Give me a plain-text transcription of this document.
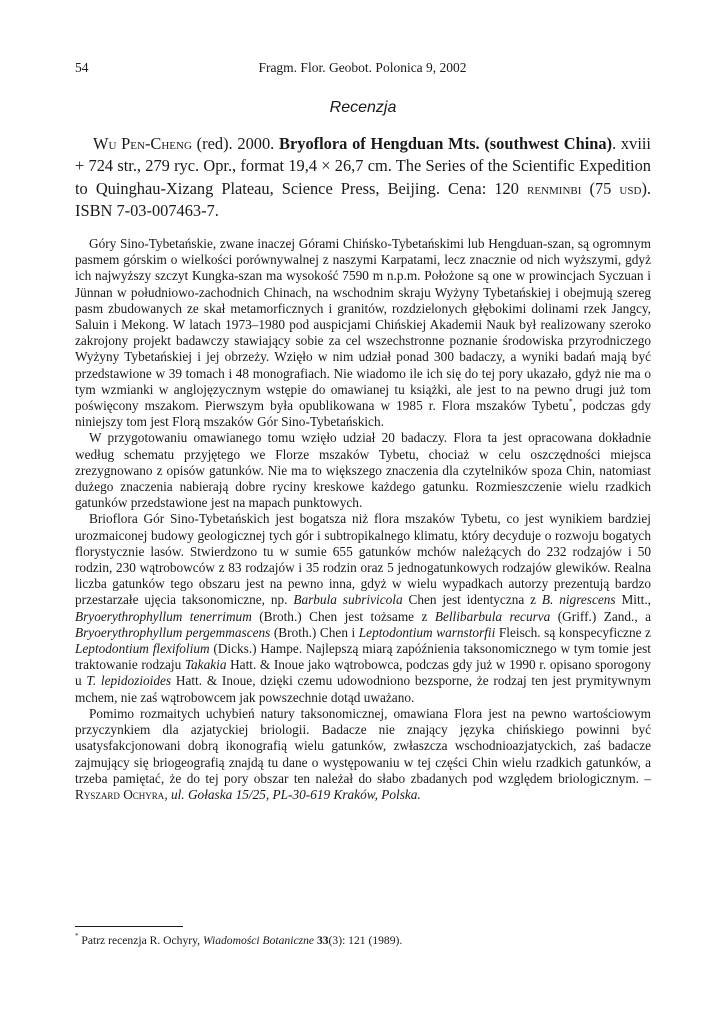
54	Fragm. Flor. Geobot. Polonica 9, 2002
Recenzja
Wu Pen-Cheng (red). 2000. Bryoflora of Hengduan Mts. (southwest China). xviii + 724 str., 279 ryc. Opr., format 19,4 × 26,7 cm. The Series of the Scientific Expedition to Quinghau-Xizang Plateau, Science Press, Beijing. Cena: 120 renminbi (75 usd). ISBN 7-03-007463-7.

Góry Sino-Tybetańskie, zwane inaczej Górami Chińsko-Tybetańskimi lub Hengduan-szan, są ogromnym pasmem górskim o wielkości porównywalnej z naszymi Karpatami, lecz znacznie od nich wyższymi, gdyż ich najwyższy szczyt Kungka-szan ma wysokość 7590 m n.p.m. Położone są one w prowincjach Syczuan i Jünnan w południowo-zachodnich Chinach, na wschodnim skraju Wyżyny Tybetańskiej i obejmują szereg pasm zbudowanych ze skał metamorficznych i granitów, rozdzielonych głębokimi dolinami rzek Jangcy, Saluin i Mekong. W latach 1973–1980 pod auspicjami Chińskiej Akademii Nauk był realizowany szeroko zakrojony projekt badawczy stawiający sobie za cel wszechstronne poznanie środowiska przyrodniczego Wyżyny Tybetańskiej i jej obrzeży. Wzięło w nim udział ponad 300 badaczy, a wyniki badań mają być przedstawione w 39 tomach i 48 monografiach. Nie wiadomo ile ich się do tej pory ukazało, gdyż nie ma o tym wzmianki w anglojęzycznym wstępie do omawianej tu książki, ale jest to na pewno drugi już tom poświęcony mszakom. Pierwszym była opublikowana w 1985 r. Flora mszaków Tybetu*, podczas gdy niniejszy tom jest Florą mszaków Gór Sino-Tybetańskich.

W przygotowaniu omawianego tomu wzięło udział 20 badaczy. Flora ta jest opracowana dokładnie według schematu przyjętego we Florze mszaków Tybetu, chociaż w celu oszczędności miejsca zrezygnowano z opisów gatunków. Nie ma to większego znaczenia dla czytelników spoza Chin, natomiast dużego znaczenia nabierają dobre ryciny kreskowe każdego gatunku. Rozmieszczenie wielu rzadkich gatunków przedstawione jest na mapach punktowych.

Brioflora Gór Sino-Tybetańskich jest bogatsza niż flora mszaków Tybetu, co jest wynikiem bardziej urozmaiconej budowy geologicznej tych gór i subtropikalnego klimatu, który decyduje o rozwoju bogatych florystycznie lasów. Stwierdzono tu w sumie 655 gatunków mchów należących do 232 rodzajów i 50 rodzin, 230 wątrobowców z 83 rodzajów i 35 rodzin oraz 5 jednogatunkowych rodzajów glewików. Realna liczba gatunków tego obszaru jest na pewno inna, gdyż w wielu wypadkach autorzy prezentują bardzo przestarzałe ujęcia taksonomiczne, np. Barbula subrivicola Chen jest identyczna z B. nigrescens Mitt., Bryoerythrophyllum tenerrimum (Broth.) Chen jest tożsame z Bellibarbula recurva (Griff.) Zand., a Bryoerythrophyllum pergemmascens (Broth.) Chen i Leptodontium warnstorfii Fleisch. są konspecyficzne z Leptodontium flexifolium (Dicks.) Hampe. Najlepszą miarą zapóźnienia taksonomicznego w tym tomie jest traktowanie rodzaju Takakia Hatt. & Inoue jako wątrobowca, podczas gdy już w 1990 r. opisano sporogony u T. lepidozioides Hatt. & Inoue, dzięki czemu udowodniono bezsporne, że rodzaj ten jest prymitywnym mchem, nie zaś wątrobowcem jak powszechnie dotąd uważano.

Pomimo rozmaitych uchybień natury taksonomicznej, omawiana Flora jest na pewno wartościowym przyczynkiem dla azjatyckiej briologii. Badacze nie znający języka chińskiego powinni być usatysfakcjonowani dobrą ikonografią wielu gatunków, zwłaszcza wschodnioazjatyckich, zaś badacze zajmujący się briogeografią znajdą tu dane o występowaniu w tej części Chin wielu rzadkich gatunków, a trzeba pamiętać, że do tej pory obszar ten należał do słabo zbadanych pod względem briologicznym. – Ryszard Ochyra, ul. Gołaska 15/25, PL-30-619 Kraków, Polska.

* Patrz recenzja R. Ochyry, Wiadomości Botaniczne 33(3): 121 (1989).
